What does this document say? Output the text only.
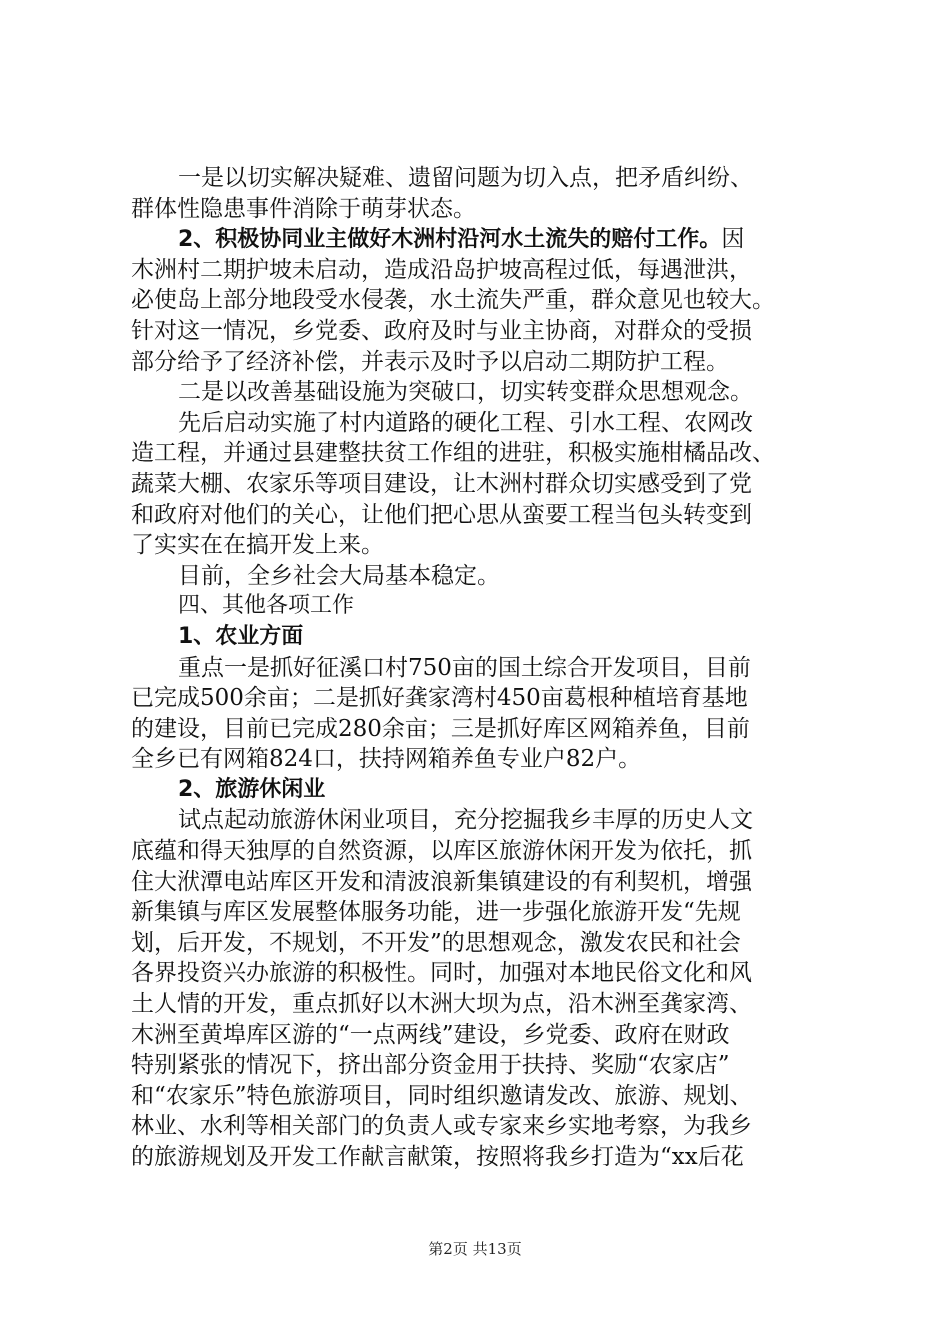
一是以切实解决疑难、遗留问题为切入点，把矛盾纠纷、
群体性隐患事件消除于萌芽状态。
2、积极协同业主做好木洲村沿河水土流失的赔付工作。因
木洲村二期护坡未启动，造成沿岛护坡高程过低，每遇泄洪，
必使岛上部分地段受水侵袭，水土流失严重，群众意见也较大。
针对这一情况，乡党委、政府及时与业主协商，对群众的受损
部分给予了经济补偿，并表示及时予以启动二期防护工程。
二是以改善基础设施为突破口，切实转变群众思想观念。
先后启动实施了村内道路的硬化工程、引水工程、农网改
造工程，并通过县建整扶贫工作组的进驻，积极实施柑橘品改、
蔬菜大棚、农家乐等项目建设，让木洲村群众切实感受到了党
和政府对他们的关心，让他们把心思从蛮要工程当包头转变到
了实实在在搞开发上来。
目前，全乡社会大局基本稳定。
四、其他各项工作
1、农业方面
重点一是抓好征溪口村750亩的国土综合开发项目，目前
已完成500余亩；二是抓好龚家湾村450亩葛根种植培育基地
的建设，目前已完成280余亩；三是抓好库区网箱养鱼，目前
全乡已有网箱824口，扶持网箱养鱼专业户82户。
2、旅游休闲业
试点起动旅游休闲业项目，充分挖掘我乡丰厚的历史人文
底蕴和得天独厚的自然资源，以库区旅游休闲开发为依托，抓
住大洑潭电站库区开发和清波浪新集镇建设的有利契机，增强
新集镇与库区发展整体服务功能，进一步强化旅游开发“先规
划，后开发，不规划，不开发”的思想观念，激发农民和社会
各界投资兴办旅游的积极性。同时，加强对本地民俗文化和风
土人情的开发，重点抓好以木洲大坝为点，沿木洲至龚家湾、
木洲至黄埠库区游的“一点两线”建设，乡党委、政府在财政
特别紧张的情况下，挤出部分资金用于扶持、奖励“农家店”
和“农家乐”特色旅游项目，同时组织邀请发改、旅游、规划、
林业、水利等相关部门的负责人或专家来乡实地考察，为我乡
的旅游规划及开发工作献言献策，按照将我乡打造为“xx后花
第2页 共13页
